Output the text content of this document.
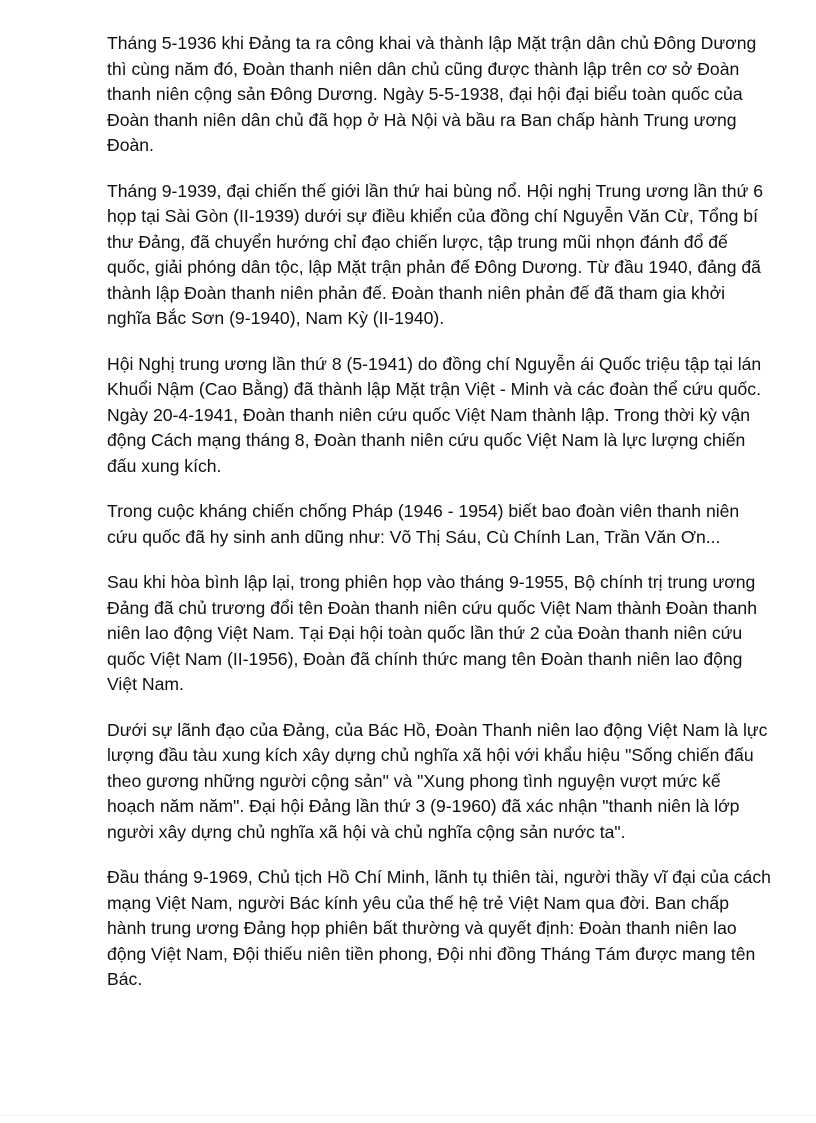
Tháng 5-1936 khi Đảng ta ra công khai và thành lập Mặt trận dân chủ Đông Dương thì cùng năm đó, Đoàn thanh niên dân chủ cũng được thành lập trên cơ sở Đoàn thanh niên cộng sản Đông Dương. Ngày 5-5-1938, đại hội đại biểu toàn quốc của Đoàn thanh niên dân chủ đã họp ở Hà Nội và bầu ra Ban chấp hành Trung ương Đoàn.

Tháng 9-1939, đại chiến thế giới lần thứ hai bùng nổ. Hội nghị Trung ương lần thứ 6 họp tại Sài Gòn (II-1939) dưới sự điều khiển của đồng chí Nguyễn Văn Cừ, Tổng bí thư Đảng, đã chuyển hướng chỉ đạo chiến lược, tập trung mũi nhọn đánh đổ đế quốc, giải phóng dân tộc, lập Mặt trận phản đế Đông Dương. Từ đầu 1940, đảng đã thành lập Đoàn thanh niên phản đế. Đoàn thanh niên phản đế đã tham gia khởi nghĩa Bắc Sơn (9-1940), Nam Kỳ (II-1940).

Hội Nghị trung ương lần thứ 8 (5-1941) do đồng chí Nguyễn ái Quốc triệu tập tại lán Khuổi Nậm (Cao Bằng) đã thành lập Mặt trận Việt - Minh và các đoàn thể cứu quốc. Ngày 20-4-1941, Đoàn thanh niên cứu quốc Việt Nam thành lập. Trong thời kỳ vận động Cách mạng tháng 8, Đoàn thanh niên cứu quốc Việt Nam là lực lượng chiến đấu xung kích.

Trong cuộc kháng chiến chống Pháp (1946 - 1954) biết bao đoàn viên thanh niên cứu quốc đã hy sinh anh dũng như: Võ Thị Sáu, Cù Chính Lan, Trần Văn Ơn...

Sau khi hòa bình lập lại, trong phiên họp vào tháng 9-1955, Bộ chính trị trung ương Đảng đã chủ trương đổi tên Đoàn thanh niên cứu quốc Việt Nam thành Đoàn thanh niên lao động Việt Nam. Tại Đại hội toàn quốc lần thứ 2 của Đoàn thanh niên cứu quốc Việt Nam (II-1956), Đoàn đã chính thức mang tên Đoàn thanh niên lao động Việt Nam.

Dưới sự lãnh đạo của Đảng, của Bác Hồ, Đoàn Thanh niên lao động Việt Nam là lực lượng đầu tàu xung kích xây dựng chủ nghĩa xã hội với khẩu hiệu "Sống chiến đấu theo gương những người cộng sản" và "Xung phong tình nguyện vượt mức kế hoạch năm năm". Đại hội Đảng lần thứ 3 (9-1960) đã xác nhận "thanh niên là lớp người xây dựng chủ nghĩa xã hội và chủ nghĩa cộng sản nước ta".

Đầu tháng 9-1969, Chủ tịch Hồ Chí Minh, lãnh tụ thiên tài, người thầy vĩ đại của cách mạng Việt Nam, người Bác kính yêu của thế hệ trẻ Việt Nam qua đời. Ban chấp hành trung ương Đảng họp phiên bất thường và quyết định: Đoàn thanh niên lao động Việt Nam, Đội thiếu niên tiền phong, Đội nhi đồng Tháng Tám được mang tên Bác.
